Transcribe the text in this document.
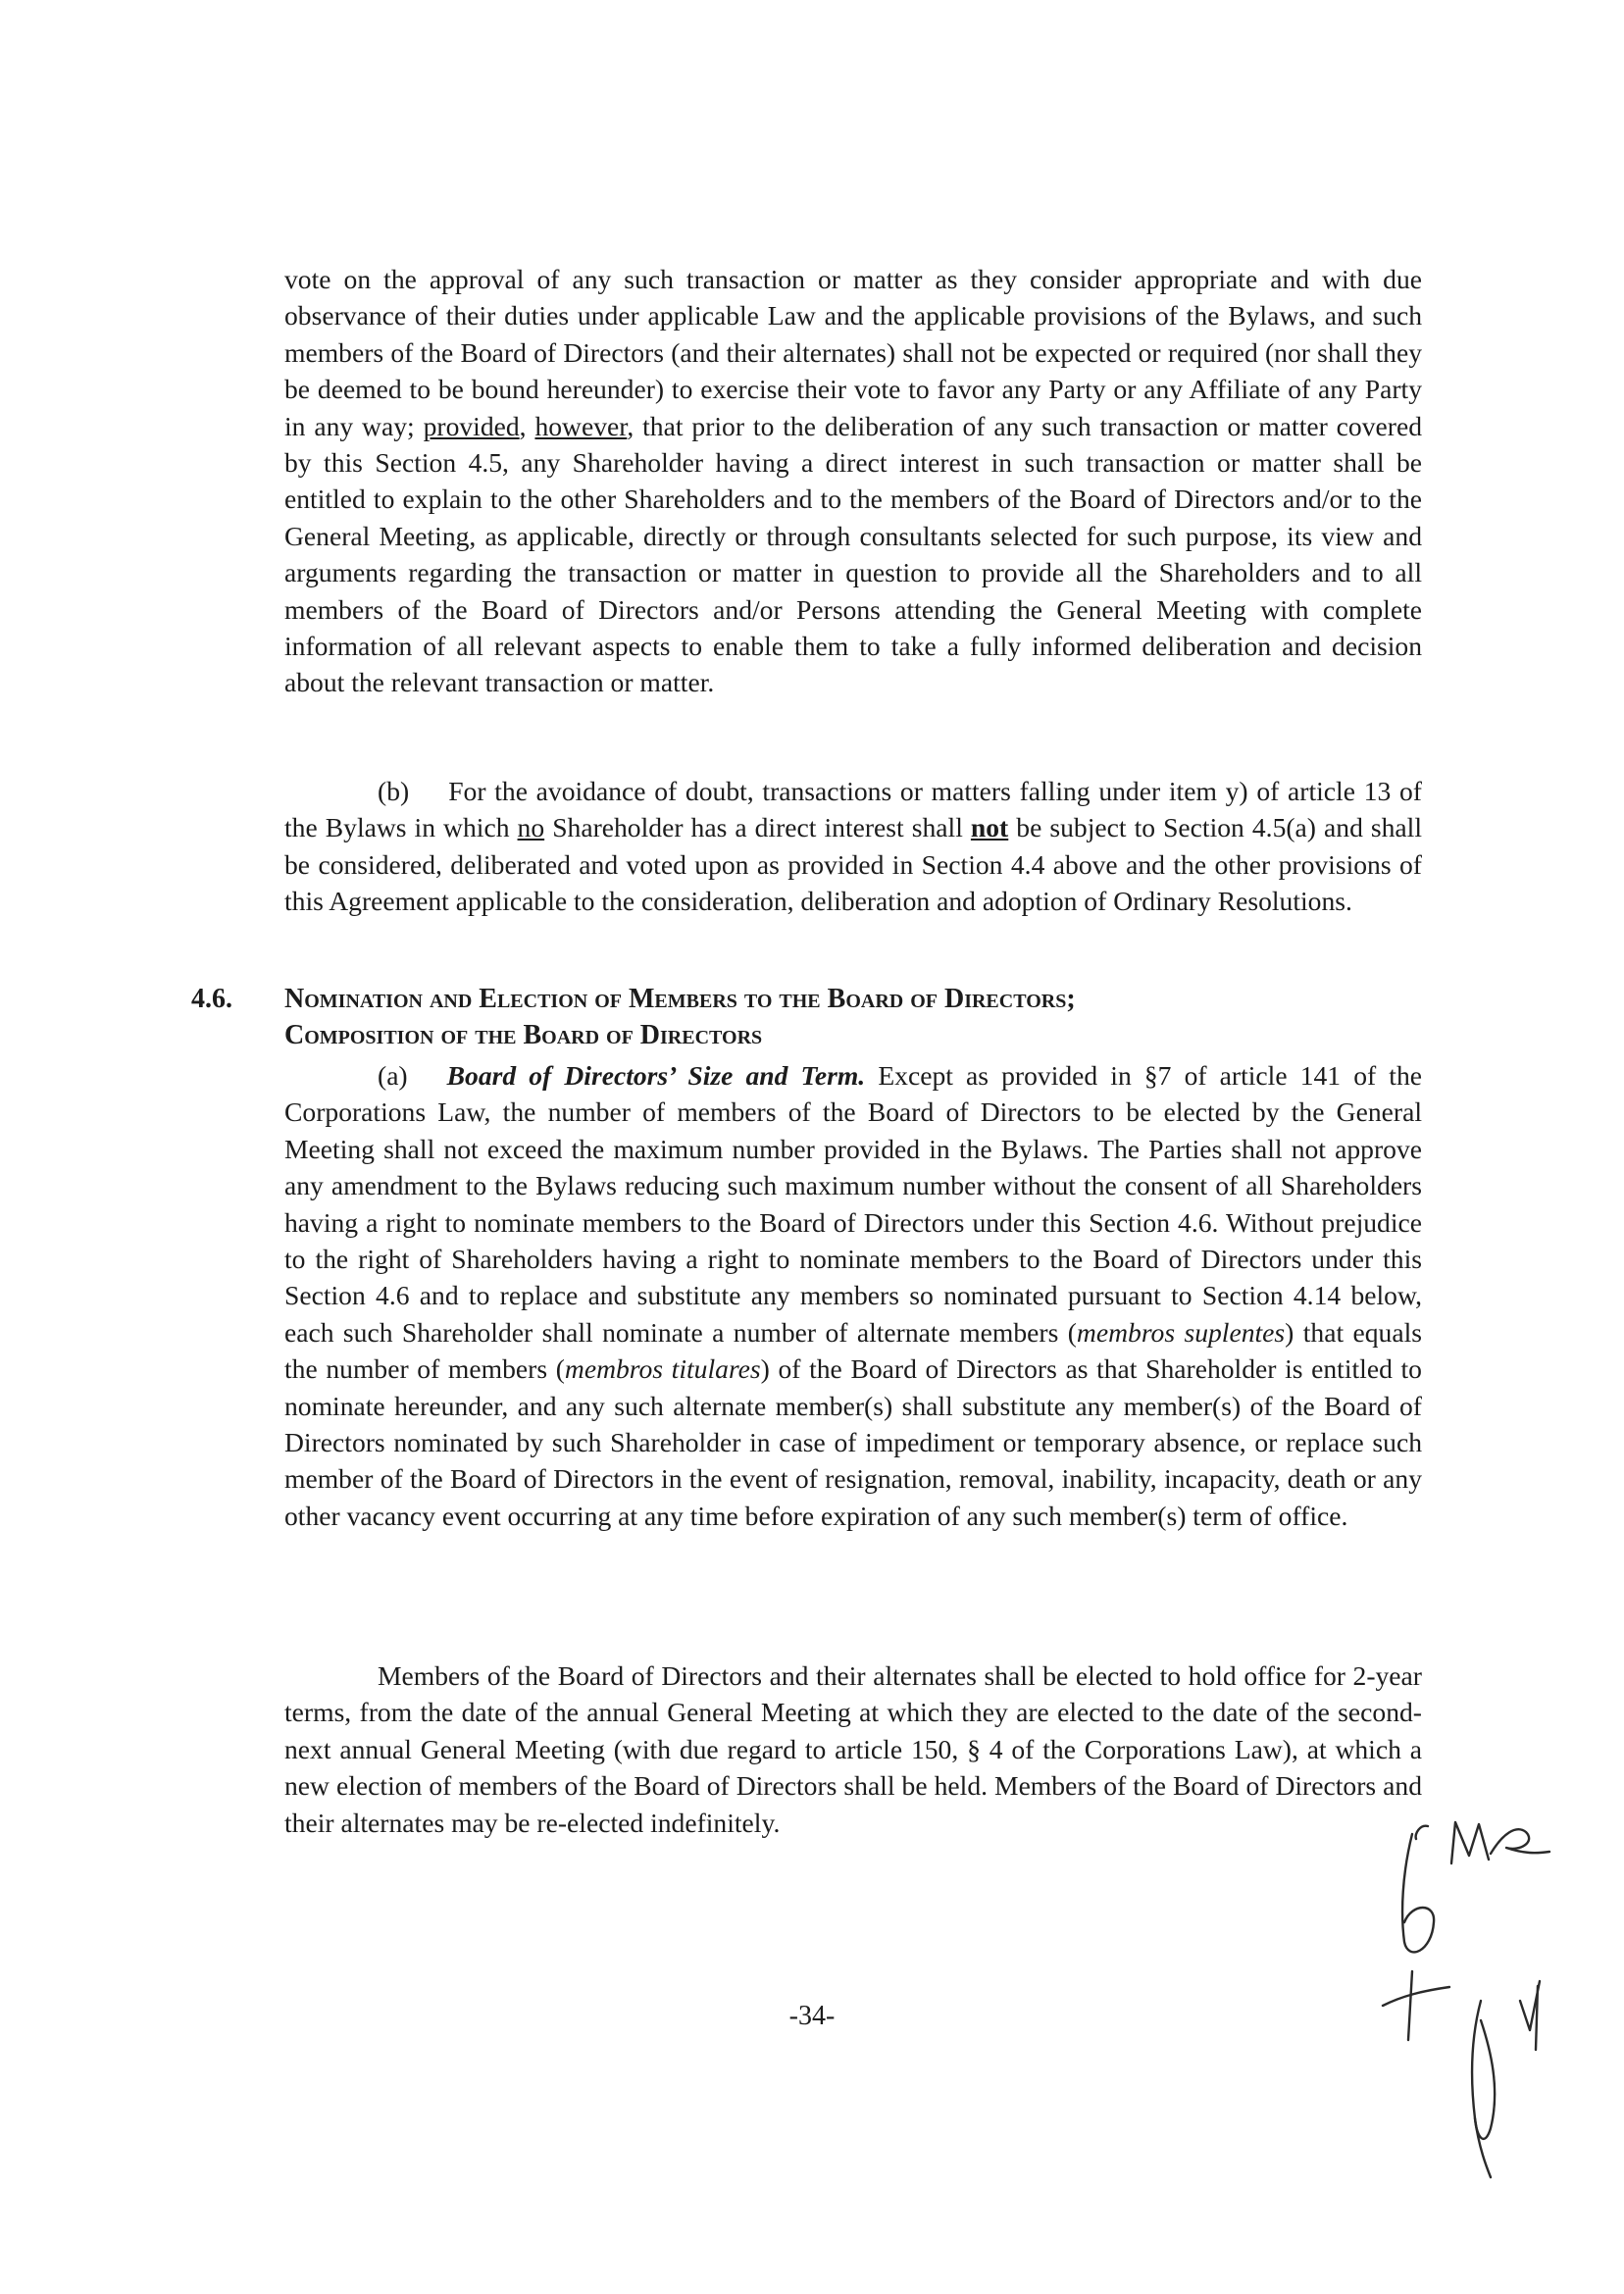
vote on the approval of any such transaction or matter as they consider appropriate and with due observance of their duties under applicable Law and the applicable provisions of the Bylaws, and such members of the Board of Directors (and their alternates) shall not be expected or required (nor shall they be deemed to be bound hereunder) to exercise their vote to favor any Party or any Affiliate of any Party in any way; provided, however, that prior to the deliberation of any such transaction or matter covered by this Section 4.5, any Shareholder having a direct interest in such transaction or matter shall be entitled to explain to the other Shareholders and to the members of the Board of Directors and/or to the General Meeting, as applicable, directly or through consultants selected for such purpose, its view and arguments regarding the transaction or matter in question to provide all the Shareholders and to all members of the Board of Directors and/or Persons attending the General Meeting with complete information of all relevant aspects to enable them to take a fully informed deliberation and decision about the relevant transaction or matter.

(b) For the avoidance of doubt, transactions or matters falling under item y) of article 13 of the Bylaws in which no Shareholder has a direct interest shall not be subject to Section 4.5(a) and shall be considered, deliberated and voted upon as provided in Section 4.4 above and the other provisions of this Agreement applicable to the consideration, deliberation and adoption of Ordinary Resolutions.

4.6. Nomination and Election of Members to the Board of Directors;
Composition of the Board of Directors

(a) Board of Directors’ Size and Term. Except as provided in §7 of article 141 of the Corporations Law, the number of members of the Board of Directors to be elected by the General Meeting shall not exceed the maximum number provided in the Bylaws. The Parties shall not approve any amendment to the Bylaws reducing such maximum number without the consent of all Shareholders having a right to nominate members to the Board of Directors under this Section 4.6. Without prejudice to the right of Shareholders having a right to nominate members to the Board of Directors under this Section 4.6 and to replace and substitute any members so nominated pursuant to Section 4.14 below, each such Shareholder shall nominate a number of alternate members (membros suplentes) that equals the number of members (membros titulares) of the Board of Directors as that Shareholder is entitled to nominate hereunder, and any such alternate member(s) shall substitute any member(s) of the Board of Directors nominated by such Shareholder in case of impediment or temporary absence, or replace such member of the Board of Directors in the event of resignation, removal, inability, incapacity, death or any other vacancy event occurring at any time before expiration of any such member(s) term of office.

Members of the Board of Directors and their alternates shall be elected to hold office for 2-year terms, from the date of the annual General Meeting at which they are elected to the date of the second-next annual General Meeting (with due regard to article 150, § 4 of the Corporations Law), at which a new election of members of the Board of Directors shall be held. Members of the Board of Directors and their alternates may be re-elected indefinitely.

-34-
